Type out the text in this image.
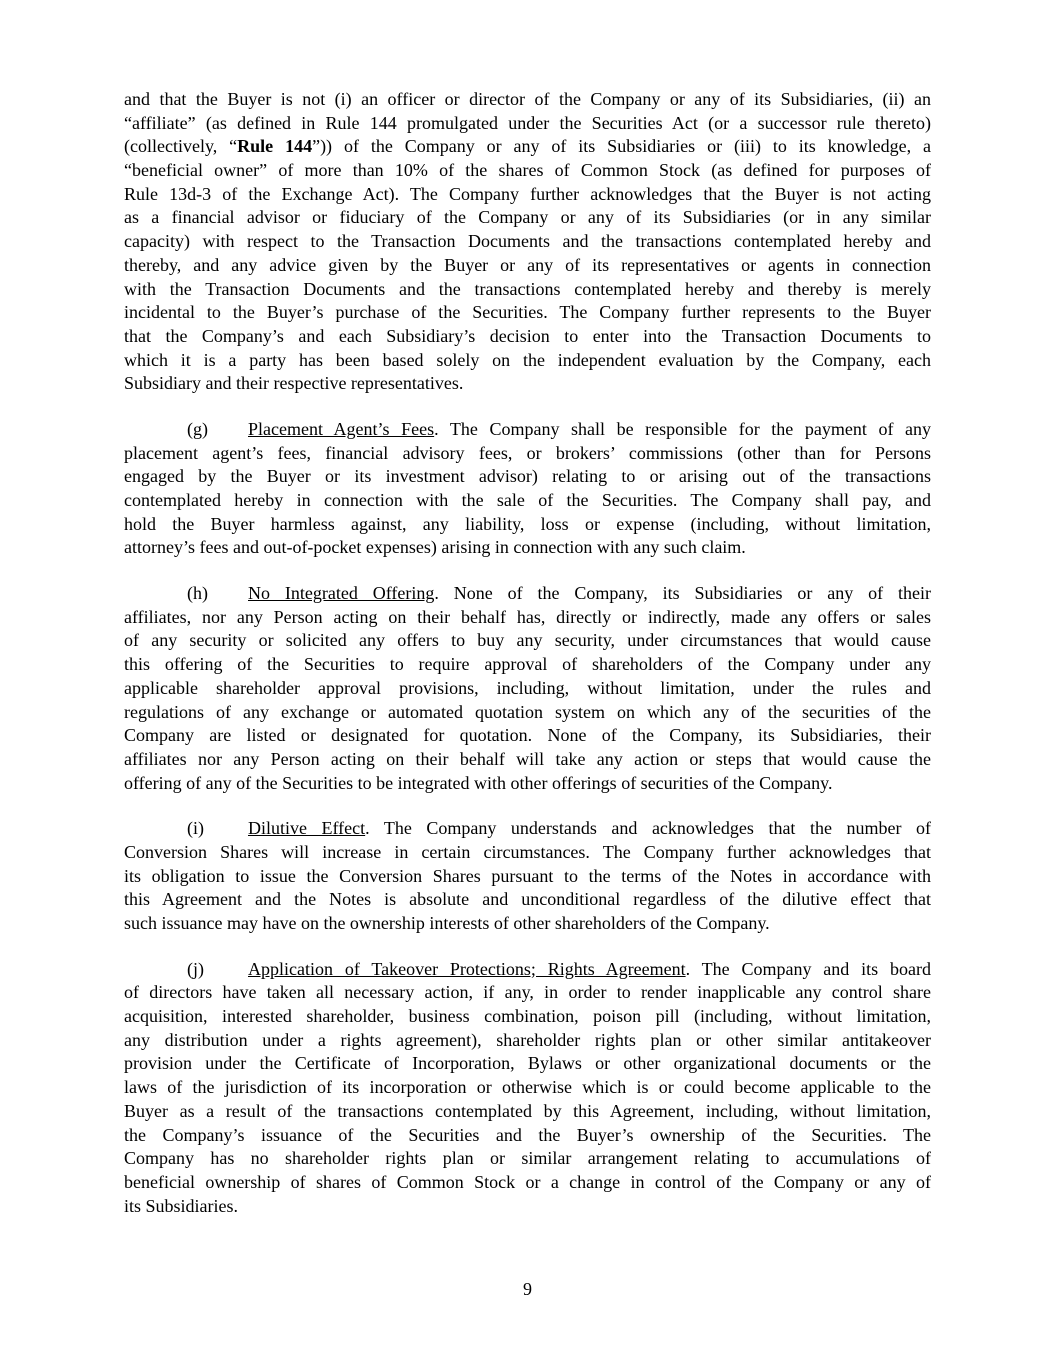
and that the Buyer is not (i) an officer or director of the Company or any of its Subsidiaries, (ii) an
“affiliate” (as defined in Rule 144 promulgated under the Securities Act (or a successor rule thereto)
(collectively, “Rule 144”)) of the Company or any of its Subsidiaries or (iii) to its knowledge, a
“beneficial owner” of more than 10% of the shares of Common Stock (as defined for purposes of
Rule 13d-3 of the Exchange Act). The Company further acknowledges that the Buyer is not acting
as a financial advisor or fiduciary of the Company or any of its Subsidiaries (or in any similar
capacity) with respect to the Transaction Documents and the transactions contemplated hereby and
thereby, and any advice given by the Buyer or any of its representatives or agents in connection
with the Transaction Documents and the transactions contemplated hereby and thereby is merely
incidental to the Buyer’s purchase of the Securities. The Company further represents to the Buyer
that the Company’s and each Subsidiary’s decision to enter into the Transaction Documents to
which it is a party has been based solely on the independent evaluation by the Company, each
Subsidiary and their respective representatives.
(g) Placement Agent’s Fees. The Company shall be responsible for the payment of any
placement agent’s fees, financial advisory fees, or brokers’ commissions (other than for Persons
engaged by the Buyer or its investment advisor) relating to or arising out of the transactions
contemplated hereby in connection with the sale of the Securities. The Company shall pay, and
hold the Buyer harmless against, any liability, loss or expense (including, without limitation,
attorney’s fees and out-of-pocket expenses) arising in connection with any such claim.
(h) No Integrated Offering. None of the Company, its Subsidiaries or any of their
affiliates, nor any Person acting on their behalf has, directly or indirectly, made any offers or sales
of any security or solicited any offers to buy any security, under circumstances that would cause
this offering of the Securities to require approval of shareholders of the Company under any
applicable shareholder approval provisions, including, without limitation, under the rules and
regulations of any exchange or automated quotation system on which any of the securities of the
Company are listed or designated for quotation. None of the Company, its Subsidiaries, their
affiliates nor any Person acting on their behalf will take any action or steps that would cause the
offering of any of the Securities to be integrated with other offerings of securities of the Company.
(i) Dilutive Effect. The Company understands and acknowledges that the number of
Conversion Shares will increase in certain circumstances. The Company further acknowledges that
its obligation to issue the Conversion Shares pursuant to the terms of the Notes in accordance with
this Agreement and the Notes is absolute and unconditional regardless of the dilutive effect that
such issuance may have on the ownership interests of other shareholders of the Company.
(j) Application of Takeover Protections; Rights Agreement. The Company and its board
of directors have taken all necessary action, if any, in order to render inapplicable any control share
acquisition, interested shareholder, business combination, poison pill (including, without limitation,
any distribution under a rights agreement), shareholder rights plan or other similar antitakeover
provision under the Certificate of Incorporation, Bylaws or other organizational documents or the
laws of the jurisdiction of its incorporation or otherwise which is or could become applicable to the
Buyer as a result of the transactions contemplated by this Agreement, including, without limitation,
the Company’s issuance of the Securities and the Buyer’s ownership of the Securities. The
Company has no shareholder rights plan or similar arrangement relating to accumulations of
beneficial ownership of shares of Common Stock or a change in control of the Company or any of
its Subsidiaries.
9
